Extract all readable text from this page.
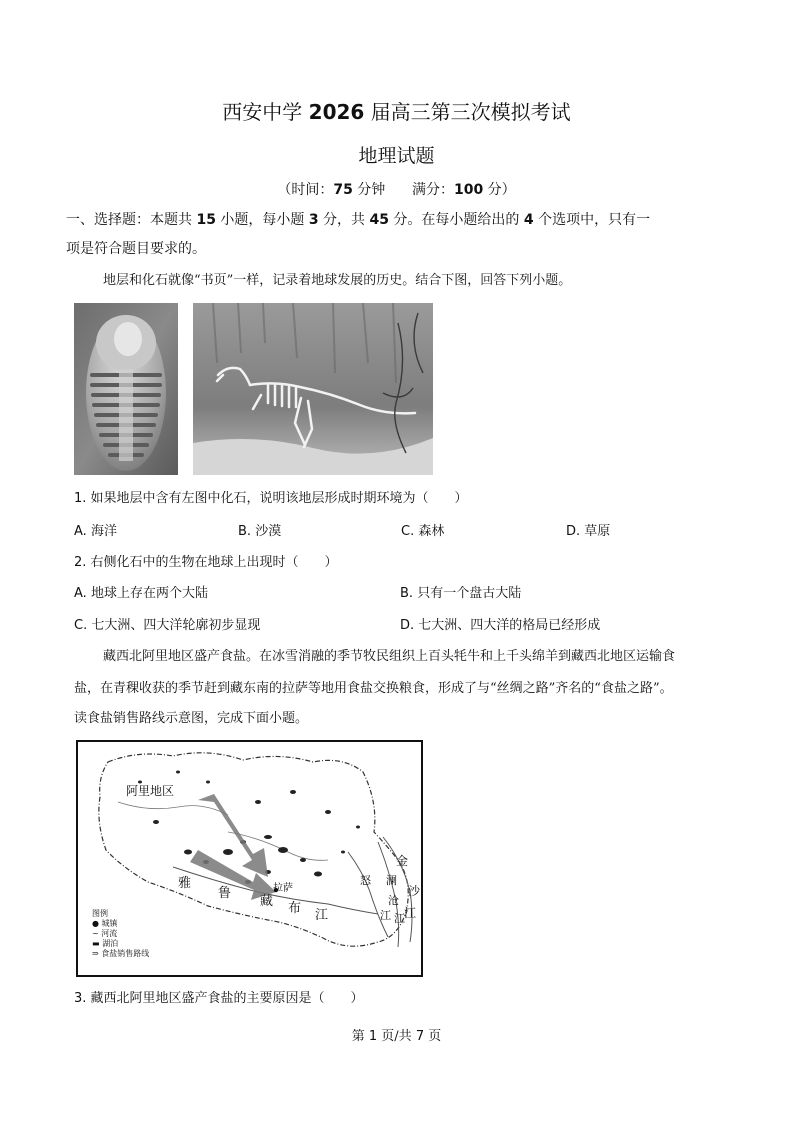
西安中学 2026 届高三第三次模拟考试
地理试题
（时间：75 分钟 满分：100 分）
一、选择题：本题共 15 小题，每小题 3 分，共 45 分。在每小题给出的 4 个选项中，只有一
项是符合题目要求的。
地层和化石就像“书页”一样，记录着地球发展的历史。结合下图，回答下列小题。
1. 如果地层中含有左图中化石，说明该地层形成时期环境为（　　）
A. 海洋	B. 沙漠	C. 森林	D. 草原
2. 右侧化石中的生物在地球上出现时（　　）
A. 地球上存在两个大陆	B. 只有一个盘古大陆
C. 七大洲、四大洋轮廓初步显现	D. 七大洲、四大洋的格局已经形成
藏西北阿里地区盛产食盐。在冰雪消融的季节牧民组织上百头牦牛和上千头绵羊到藏西北地区运输食
盐，在青稞收获的季节赶到藏东南的拉萨等地用食盐交换粮食，形成了与“丝绸之路”齐名的“食盐之路”。
读食盐销售路线示意图，完成下面小题。
阿里地区
拉萨
雅
鲁
藏 布 江
怒
江
澜
沧
江
金
沙
江
图例
● 城镇
~ 河流
▬ 湖泊
⇒ 食盐销售路线
3. 藏西北阿里地区盛产食盐的主要原因是（　　）
第 1 页/共 7 页
